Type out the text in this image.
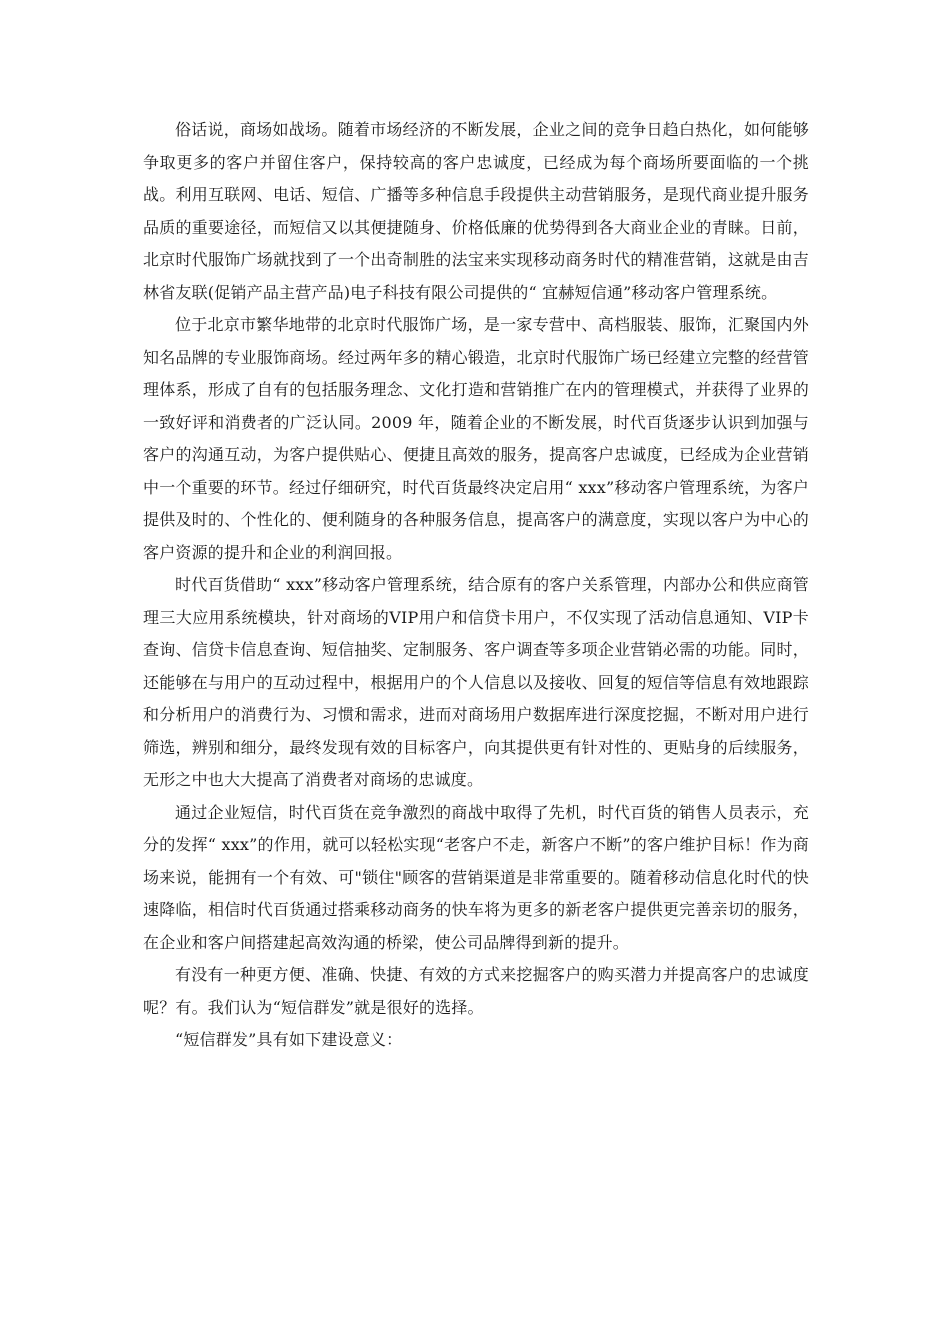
俗话说，商场如战场。随着市场经济的不断发展，企业之间的竞争日趋白热化，如何能够争取更多的客户并留住客户，保持较高的客户忠诚度，已经成为每个商场所要面临的一个挑战。利用互联网、电话、短信、广播等多种信息手段提供主动营销服务，是现代商业提升服务品质的重要途径，而短信又以其便捷随身、价格低廉的优势得到各大商业企业的青睐。日前，北京时代服饰广场就找到了一个出奇制胜的法宝来实现移动商务时代的精准营销，这就是由吉林省友联(促销产品主营产品)电子科技有限公司提供的“ 宜赫短信通”移动客户管理系统。

位于北京市繁华地带的北京时代服饰广场，是一家专营中、高档服装、服饰，汇聚国内外知名品牌的专业服饰商场。经过两年多的精心锻造，北京时代服饰广场已经建立完整的经营管理体系，形成了自有的包括服务理念、文化打造和营销推广在内的管理模式，并获得了业界的一致好评和消费者的广泛认同。2009 年，随着企业的不断发展，时代百货逐步认识到加强与客户的沟通互动，为客户提供贴心、便捷且高效的服务，提高客户忠诚度，已经成为企业营销中一个重要的环节。经过仔细研究，时代百货最终决定启用“ xxx”移动客户管理系统，为客户提供及时的、个性化的、便利随身的各种服务信息，提高客户的满意度，实现以客户为中心的客户资源的提升和企业的利润回报。

时代百货借助“ xxx”移动客户管理系统，结合原有的客户关系管理，内部办公和供应商管理三大应用系统模块，针对商场的VIP用户和信贷卡用户，不仅实现了活动信息通知、VIP卡查询、信贷卡信息查询、短信抽奖、定制服务、客户调查等多项企业营销必需的功能。同时，还能够在与用户的互动过程中，根据用户的个人信息以及接收、回复的短信等信息有效地跟踪和分析用户的消费行为、习惯和需求，进而对商场用户数据库进行深度挖掘，不断对用户进行筛选，辨别和细分，最终发现有效的目标客户，向其提供更有针对性的、更贴身的后续服务，无形之中也大大提高了消费者对商场的忠诚度。

通过企业短信，时代百货在竞争激烈的商战中取得了先机，时代百货的销售人员表示，充分的发挥“ xxx”的作用，就可以轻松实现“老客户不走，新客户不断”的客户维护目标！作为商场来说，能拥有一个有效、可"锁住"顾客的营销渠道是非常重要的。随着移动信息化时代的快速降临，相信时代百货通过搭乘移动商务的快车将为更多的新老客户提供更完善亲切的服务，在企业和客户间搭建起高效沟通的桥梁，使公司品牌得到新的提升。

有没有一种更方便、准确、快捷、有效的方式来挖掘客户的购买潜力并提高客户的忠诚度呢？有。我们认为“短信群发”就是很好的选择。

“短信群发”具有如下建设意义：
